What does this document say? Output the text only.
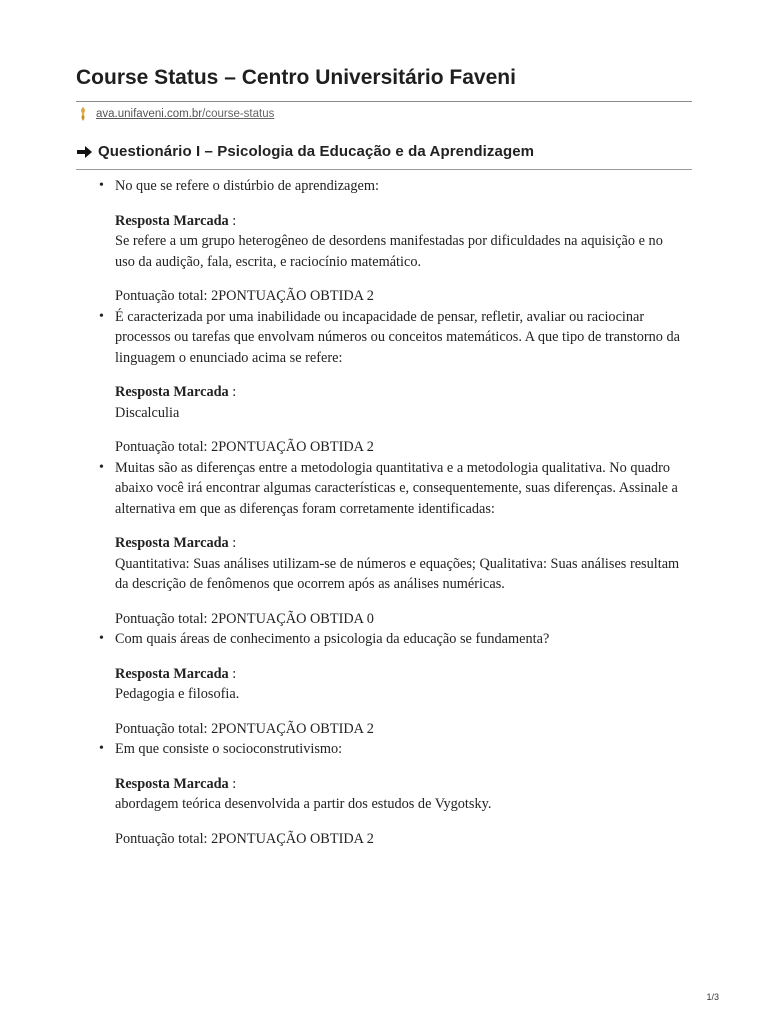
Course Status – Centro Universitário Faveni
ava.unifaveni.com.br /course-status
Questionário I – Psicologia da Educação e da Aprendizagem
• No que se refere o distúrbio de aprendizagem:

Resposta Marcada :

Se refere a um grupo heterogêneo de desordens manifestadas por dificuldades na aquisição e no uso da audição, fala, escrita, e raciocínio matemático.

Pontuação total: 2PONTUAÇÃO OBTIDA 2

• É caracterizada por uma inabilidade ou incapacidade de pensar, refletir, avaliar ou raciocinar processos ou tarefas que envolvam números ou conceitos matemáticos. A que tipo de transtorno da linguagem o enunciado acima se refere:

Resposta Marcada :

Discalculia

Pontuação total: 2PONTUAÇÃO OBTIDA 2

• Muitas são as diferenças entre a metodologia quantitativa e a metodologia qualitativa. No quadro abaixo você irá encontrar algumas características e, consequentemente, suas diferenças. Assinale a alternativa em que as diferenças foram corretamente identificadas:

Resposta Marcada :

Quantitativa: Suas análises utilizam-se de números e equações; Qualitativa: Suas análises resultam da descrição de fenômenos que ocorrem após as análises numéricas.

Pontuação total: 2PONTUAÇÃO OBTIDA 0

• Com quais áreas de conhecimento a psicologia da educação se fundamenta?

Resposta Marcada :

Pedagogia e filosofia.

Pontuação total: 2PONTUAÇÃO OBTIDA 2

• Em que consiste o socioconstrutivismo:

Resposta Marcada :

abordagem teórica desenvolvida a partir dos estudos de Vygotsky.

Pontuação total: 2PONTUAÇÃO OBTIDA 2

1/3
